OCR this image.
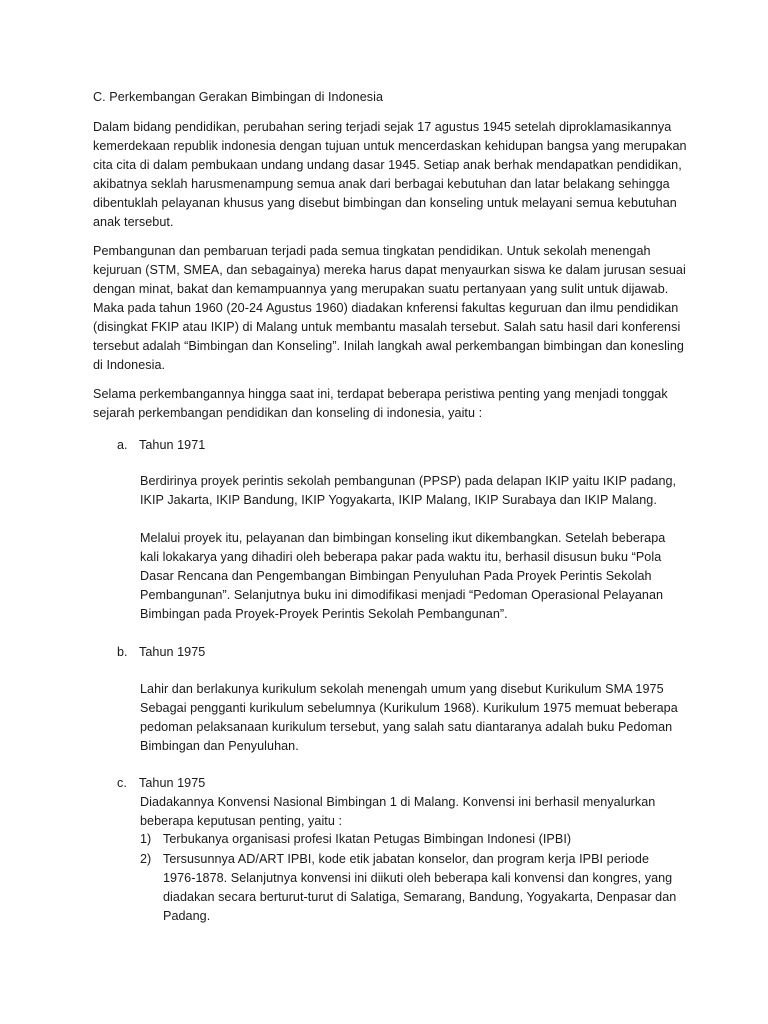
C. Perkembangan Gerakan Bimbingan di Indonesia

Dalam bidang pendidikan, perubahan sering terjadi sejak 17 agustus 1945 setelah diproklamasikannya kemerdekaan republik indonesia dengan tujuan untuk mencerdaskan kehidupan bangsa yang merupakan cita cita di dalam pembukaan undang undang dasar 1945. Setiap anak berhak mendapatkan pendidikan, akibatnya seklah harusmenampung semua anak dari berbagai kebutuhan dan latar belakang sehingga dibentuklah pelayanan khusus yang disebut bimbingan dan konseling untuk melayani semua kebutuhan anak tersebut.

Pembangunan dan pembaruan terjadi pada semua tingkatan pendidikan. Untuk sekolah menengah kejuruan (STM, SMEA, dan sebagainya) mereka harus dapat menyaurkan siswa ke dalam jurusan sesuai dengan minat, bakat dan kemampuannya yang merupakan suatu pertanyaan yang sulit untuk dijawab. Maka pada tahun 1960 (20-24 Agustus 1960) diadakan knferensi fakultas keguruan dan ilmu pendidikan (disingkat FKIP atau IKIP) di Malang untuk membantu masalah tersebut. Salah satu hasil dari konferensi tersebut adalah “Bimbingan dan Konseling”. Inilah langkah awal perkembangan bimbingan dan konesling di Indonesia.

Selama perkembangannya hingga saat ini, terdapat beberapa peristiwa penting yang menjadi tonggak sejarah perkembangan pendidikan dan konseling di indonesia, yaitu :

a. Tahun 1971

Berdirinya proyek perintis sekolah pembangunan (PPSP) pada delapan IKIP yaitu IKIP padang, IKIP Jakarta, IKIP Bandung, IKIP Yogyakarta, IKIP Malang, IKIP Surabaya dan IKIP Malang.

Melalui proyek itu, pelayanan dan bimbingan konseling ikut dikembangkan. Setelah beberapa kali lokakarya yang dihadiri oleh beberapa pakar pada waktu itu, berhasil disusun buku “Pola Dasar Rencana dan Pengembangan Bimbingan Penyuluhan Pada Proyek Perintis Sekolah Pembangunan”. Selanjutnya buku ini dimodifikasi menjadi “Pedoman Operasional Pelayanan Bimbingan pada Proyek-Proyek Perintis Sekolah Pembangunan”.

b. Tahun 1975

Lahir dan berlakunya kurikulum sekolah menengah umum yang disebut Kurikulum SMA 1975 Sebagai pengganti kurikulum sebelumnya (Kurikulum 1968). Kurikulum 1975 memuat beberapa pedoman pelaksanaan kurikulum tersebut, yang salah satu diantaranya adalah buku Pedoman Bimbingan dan Penyuluhan.

c. Tahun 1975

Diadakannya Konvensi Nasional Bimbingan 1 di Malang. Konvensi ini berhasil menyalurkan beberapa keputusan penting, yaitu :

1) Terbukanya organisasi profesi Ikatan Petugas Bimbingan Indonesi (IPBI)
2) Tersusunnya AD/ART IPBI, kode etik jabatan konselor, dan program kerja IPBI periode 1976-1878. Selanjutnya konvensi ini diikuti oleh beberapa kali konvensi dan kongres, yang diadakan secara berturut-turut di Salatiga, Semarang, Bandung, Yogyakarta, Denpasar dan Padang.
